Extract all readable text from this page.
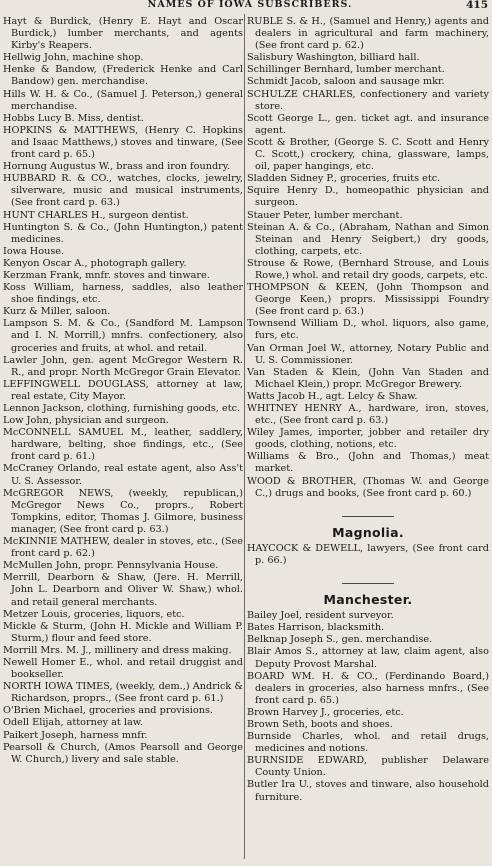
NAMES OF IOWA SUBSCRIBERS.	415

Hayt & Burdick, (Henry E. Hayt and Oscar Burdick,) lumber merchants, and agents Kirby's Reapers.

Hellwig John, machine shop.

Henke & Bandow, (Frederick Henke and Carl Bandow) gen. merchandise.

Hills W. H. & Co., (Samuel J. Peterson,) general merchandise.

Hobbs Lucy B. Miss, dentist.

HOPKINS & MATTHEWS, (Henry C. Hopkins and Isaac Matthews,) stoves and tinware, (See front card p. 65.)

Hornung Augustus W., brass and iron foundry.

HUBBARD R. & CO., watches, clocks, jewelry, silverware, music and musical instruments, (See front card p. 63.)

HUNT CHARLES H., surgeon dentist.

Huntington S. & Co., (John Huntington,) patent medicines.

Iowa House.

Kenyon Oscar A., photograph gallery.

Kerzman Frank, mnfr. stoves and tinware.

Koss William, harness, saddles, also leather shoe findings, etc.

Kurz & Miller, saloon.

Lampson S. M. & Co., (Sandford M. Lampson and I. N. Morrill,) mnfrs. confectionery, also groceries and fruits, at whol. and retail.

Lawler John, gen. agent McGregor Western R. R., and propr. North McGregor Grain Elevator.

LEFFINGWELL DOUGLASS, attorney at law, real estate, City Mayor.

Lennon Jackson, clothing, furnishing goods, etc.

Low John, physician and surgeon.

McCONNELL SAMUEL M., leather, saddlery, hardware, belting, shoe findings, etc., (See front card p. 61.)

McCraney Orlando, real estate agent, also Ass't U. S. Assessor.

McGREGOR NEWS, (weekly, republican,) McGregor News Co., proprs., Robert Tompkins, editor, Thomas J. Gilmore, business manager, (See front card p. 63.)

McKINNIE MATHEW, dealer in stoves, etc., (See front card p. 62.)

McMullen John, propr. Pennsylvania House.

Merrill, Dearborn & Shaw, (Jere. H. Merrill, John L. Dearborn and Oliver W. Shaw,) whol. and retail general merchants.

Metzer Louis, groceries, liquors, etc.

Mickle & Sturm, (John H. Mickle and William P. Sturm,) flour and feed store.

Morrill Mrs. M. J., millinery and dress making.

Newell Homer E., whol. and retail druggist and bookseller.

NORTH IOWA TIMES, (weekly, dem.,) Andrick & Richardson, proprs., (See front card p. 61.)

O'Brien Michael, groceries and provisions.

Odell Elijah, attorney at law.

Paikert Joseph, harness mnfr.

Pearsoll & Church, (Amos Pearsoll and George W. Church,) livery and sale stable.

RUBLE S. & H., (Samuel and Henry,) agents and dealers in agricultural and farm machinery, (See front card p. 62.)

Salisbury Washington, billiard hall.

Schillinger Bernhard, lumber merchant.

Schmidt Jacob, saloon and sausage mkr.

SCHULZE CHARLES, confectionery and variety store.

Scott George L., gen. ticket agt. and insurance agent.

Scott & Brother, (George S. C. Scott and Henry C. Scott,) crockery, china, glassware, lamps, oil, paper hangings, etc.

Sladden Sidney P., groceries, fruits etc.

Squire Henry D., homeopathic physician and surgeon.

Stauer Peter, lumber merchant.

Steinan A. & Co., (Abraham, Nathan and Simon Steinan and Henry Seigbert,) dry goods, clothing, carpets, etc.

Strouse & Rowe, (Bernhard Strouse, and Louis Rowe,) whol. and retail dry goods, carpets, etc.

THOMPSON & KEEN, (John Thompson and George Keen,) proprs. Mississippi Foundry (See front card p. 63.)

Townsend William D., whol. liquors, also game, furs, etc.

Van Orman Joel W., attorney, Notary Public and U. S. Commissioner.

Van Staden & Klein, (John Van Staden and Michael Klein,) propr. McGregor Brewery.

Watts Jacob H., agt. Lelcy & Shaw.

WHITNEY HENRY A., hardware, iron, stoves, etc., (See front card p. 63.)

Wiley James, importer, jobber and retailer dry goods, clothing, notions, etc.

Williams & Bro., (John and Thomas,) meat market.

WOOD & BROTHER, (Thomas W. and George C.,) drugs and books, (See front card p. 60.)

Magnolia.

HAYCOCK & DEWELL, lawyers, (See front card p. 66.)

Manchester.

Bailey Joel, resident surveyor.

Bates Harrison, blacksmith.

Belknap Joseph S., gen. merchandise.

Blair Amos S., attorney at law, claim agent, also Deputy Provost Marshal.

BOARD WM. H. & CO., (Ferdinando Board,) dealers in groceries, also harness mnfrs., (See front card p. 65.)

Brown Harvey J., groceries, etc.

Brown Seth, boots and shoes.

Burnside Charles, whol. and retail drugs, medicines and notions.

BURNSIDE EDWARD, publisher Delaware County Union.

Butler Ira U., stoves and tinware, also household furniture.
